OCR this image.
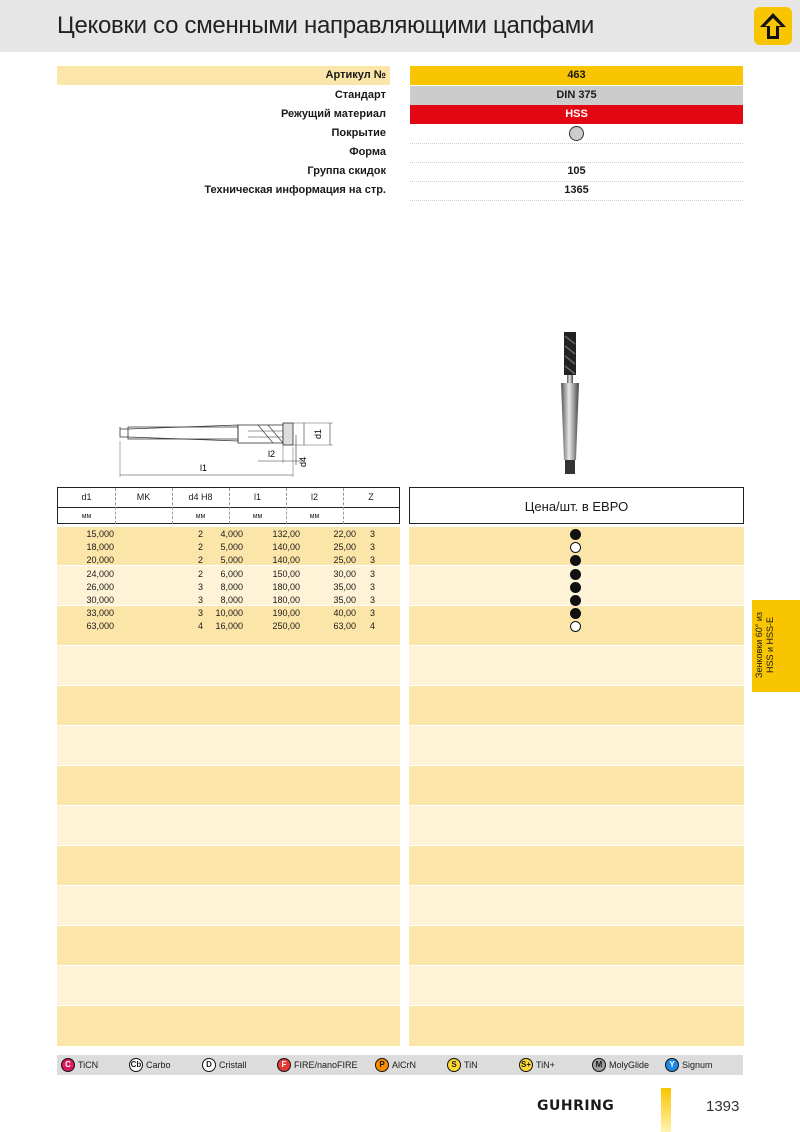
Цековки со сменными направляющими цапфами
Артикул №	463
Стандарт	DIN 375
Режущий материал	HSS
Покрытие
Форма
Группа скидок	105
Техническая информация на стр.	1365
l2
d1
d4
l1
d1	MK	d4 H8	l1	l2	Z
мм	мм	мм	мм
Цена/шт. в ЕВРО
15,000	2 4,000	132,00	22,00 3
18,000	2 5,000	140,00	25,00 3
20,000	2 5,000	140,00	25,00 3
24,000	2 6,000	150,00	30,00 3
26,000	3 8,000	180,00	35,00 3
30,000	3 8,000	180,00	35,00 3
33,000	3 10,000	190,00	40,00 3
63,000	4 16,000	250,00	63,00 4	Зенковки 60° из HSS и HSS-E
C TiCN	Cb Carbo	D Cristall	F FIRE/nanoFIRE	P AlCrN	S TiN	S+ TiN+	M MolyGlide	Y Signum
GUHRING	1393
